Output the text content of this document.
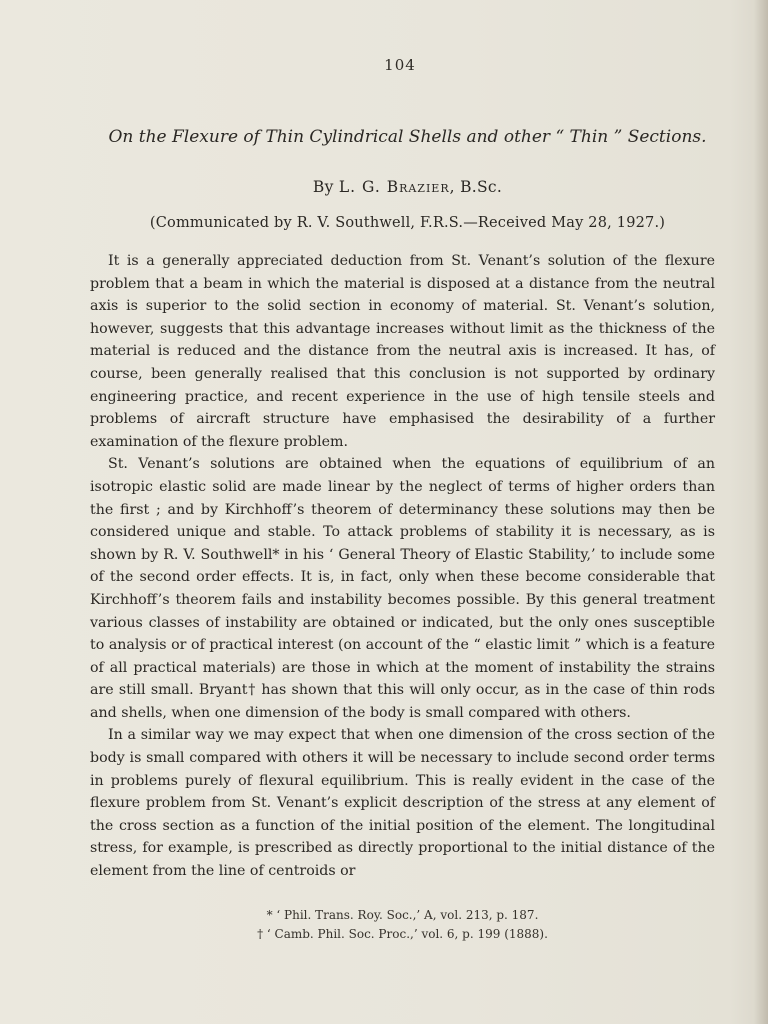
104
On the Flexure of Thin Cylindrical Shells and other “ Thin ” Sections.
By L. G. Brazier, B.Sc.
(Communicated by R. V. Southwell, F.R.S.—Received May 28, 1927.)

It is a generally appreciated deduction from St. Venant’s solution of the flexure problem that a beam in which the material is disposed at a distance from the neutral axis is superior to the solid section in economy of material. St. Venant’s solution, however, suggests that this advantage increases without limit as the thickness of the material is reduced and the distance from the neutral axis is increased. It has, of course, been generally realised that this conclusion is not supported by ordinary engineering practice, and recent experience in the use of high tensile steels and problems of aircraft structure have emphasised the desirability of a further examination of the flexure problem.

St. Venant’s solutions are obtained when the equations of equilibrium of an isotropic elastic solid are made linear by the neglect of terms of higher orders than the first ; and by Kirchhoff’s theorem of determinancy these solutions may then be considered unique and stable. To attack problems of stability it is necessary, as is shown by R. V. Southwell* in his ‘ General Theory of Elastic Stability,’ to include some of the second order effects. It is, in fact, only when these become considerable that Kirchhoff’s theorem fails and instability becomes possible. By this general treatment various classes of instability are obtained or indicated, but the only ones susceptible to analysis or of practical interest (on account of the “ elastic limit ” which is a feature of all practical materials) are those in which at the moment of instability the strains are still small. Bryant† has shown that this will only occur, as in the case of thin rods and shells, when one dimension of the body is small compared with others.

In a similar way we may expect that when one dimension of the cross section of the body is small compared with others it will be necessary to include second order terms in problems purely of flexural equilibrium. This is really evident in the case of the flexure problem from St. Venant’s explicit description of the stress at any element of the cross section as a function of the initial position of the element. The longitudinal stress, for example, is prescribed as directly proportional to the initial distance of the element from the line of centroids or

* ‘ Phil. Trans. Roy. Soc.,’ A, vol. 213, p. 187.
† ‘ Camb. Phil. Soc. Proc.,’ vol. 6, p. 199 (1888).
